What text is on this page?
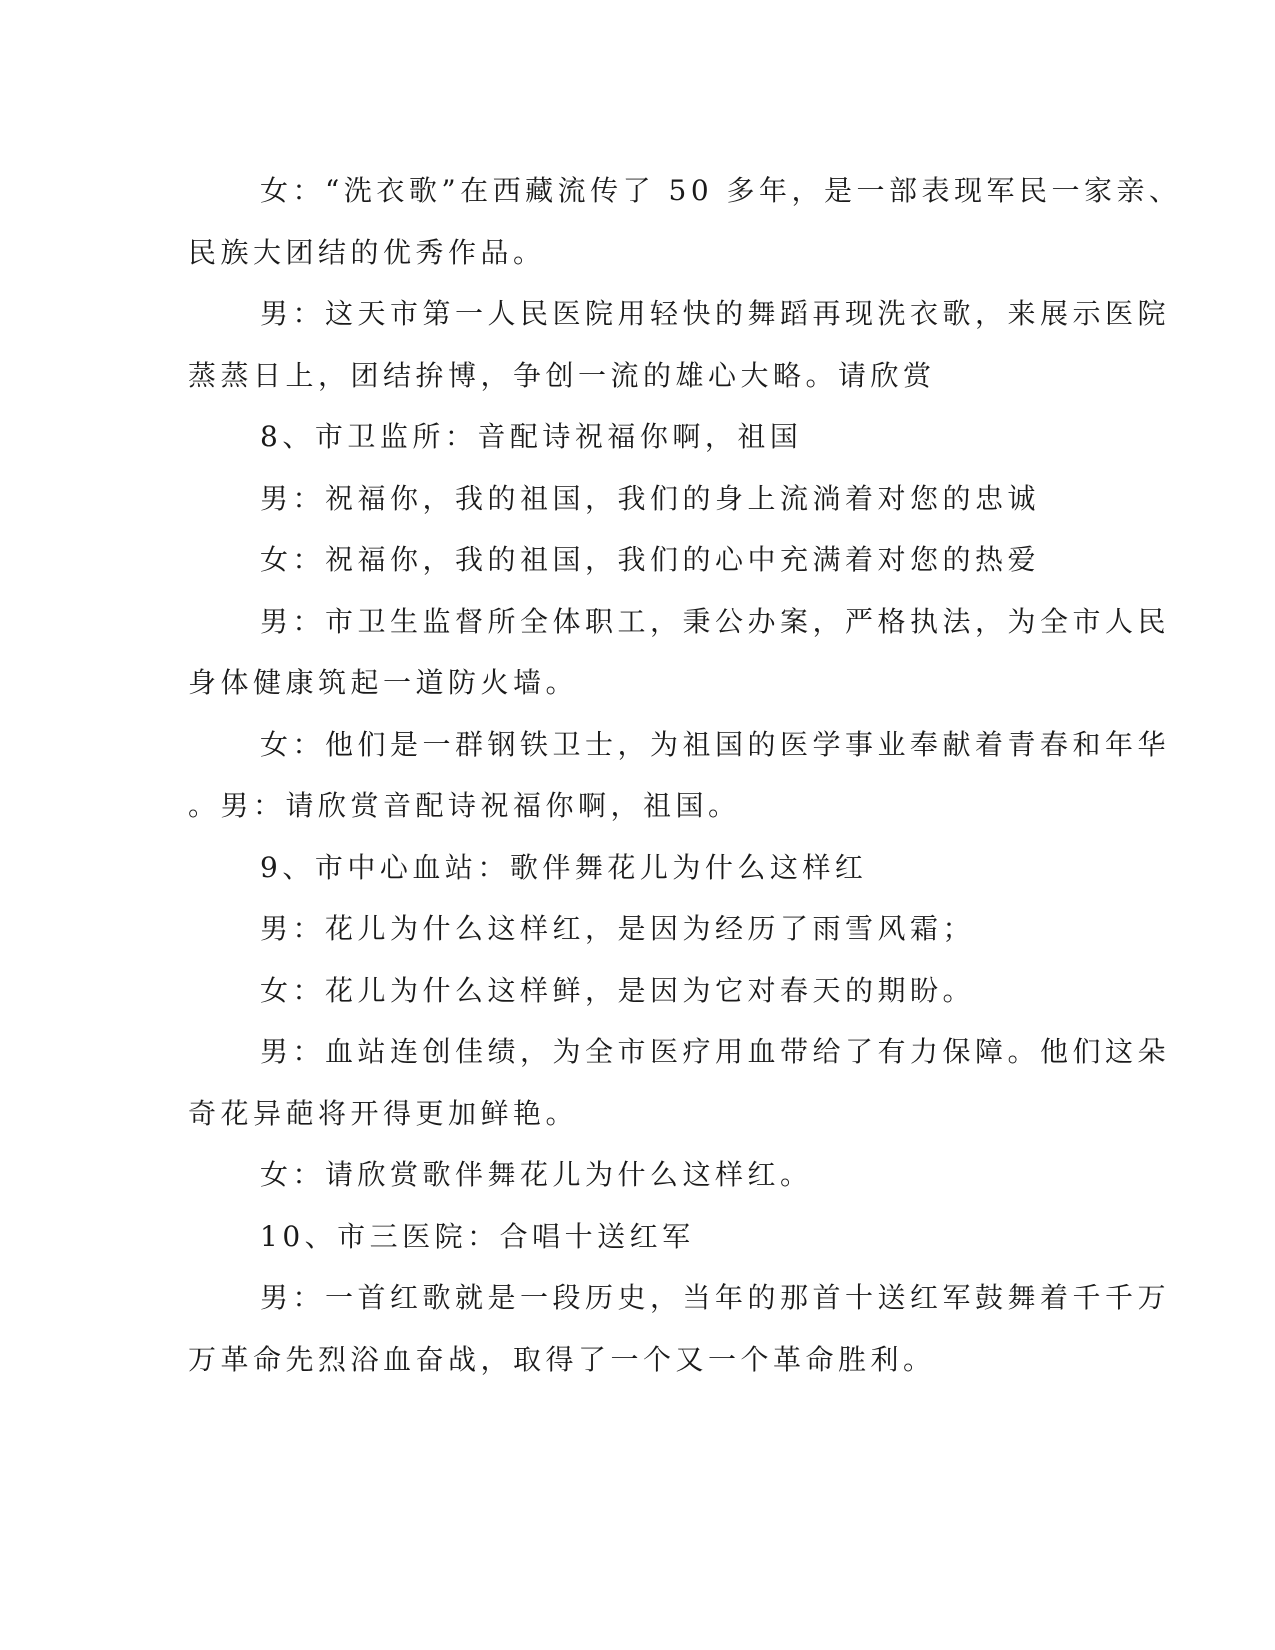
女：“洗衣歌”在西藏流传了 50 多年，是一部表现军民一家亲、

民族大团结的优秀作品。

男：这天市第一人民医院用轻快的舞蹈再现洗衣歌，来展示医院

蒸蒸日上，团结拚博，争创一流的雄心大略。请欣赏

8、市卫监所：音配诗祝福你啊，祖国

男：祝福你，我的祖国，我们的身上流淌着对您的忠诚

女：祝福你，我的祖国，我们的心中充满着对您的热爱

男：市卫生监督所全体职工，秉公办案，严格执法，为全市人民

身体健康筑起一道防火墙。

女：他们是一群钢铁卫士，为祖国的医学事业奉献着青春和年华

。男：请欣赏音配诗祝福你啊，祖国。

9、市中心血站：歌伴舞花儿为什么这样红

男：花儿为什么这样红，是因为经历了雨雪风霜；

女：花儿为什么这样鲜，是因为它对春天的期盼。

男：血站连创佳绩，为全市医疗用血带给了有力保障。他们这朵

奇花异葩将开得更加鲜艳。

女：请欣赏歌伴舞花儿为什么这样红。

10、市三医院：合唱十送红军

男：一首红歌就是一段历史，当年的那首十送红军鼓舞着千千万

万革命先烈浴血奋战，取得了一个又一个革命胜利。
